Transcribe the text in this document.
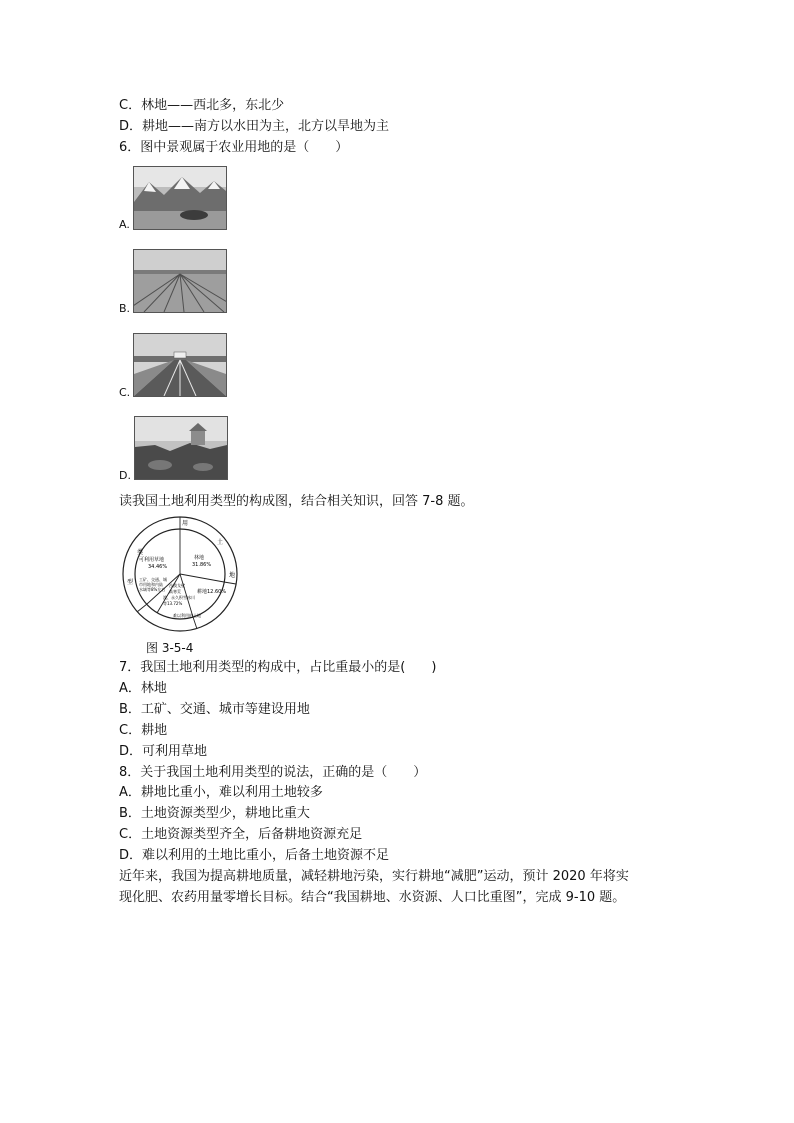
C．林地——西北多，东北少
D．耕地——南方以水田为主，北方以旱地为主
6．图中景观属于农业用地的是（　　）
A.
B.
C.
D.
读我国土地利用类型的构成图，结合相关知识，回答 7-8 题。
用
土
地
类
型
可利用草地
34.46%
林地
31.86%
耕地12.60%
工矿、交通、城
市用地和内陆
水域等8%左右
沙漠戈壁
高寒荒
漠、永久积雪冰川
等13.72%
难以利用的土地
图 3-5-4
7．我国土地利用类型的构成中，占比重最小的是(　　)
A．林地
B．工矿、交通、城市等建设用地
C．耕地
D．可利用草地
8．关于我国土地利用类型的说法，正确的是（　　）
A．耕地比重小，难以利用土地较多
B．土地资源类型少，耕地比重大
C．土地资源类型齐全，后备耕地资源充足
D．难以利用的土地比重小，后备土地资源不足
近年来，我国为提高耕地质量，减轻耕地污染，实行耕地“减肥”运动，预计 2020 年将实
现化肥、农药用量零增长目标。结合“我国耕地、水资源、人口比重图”，完成 9-10 题。
